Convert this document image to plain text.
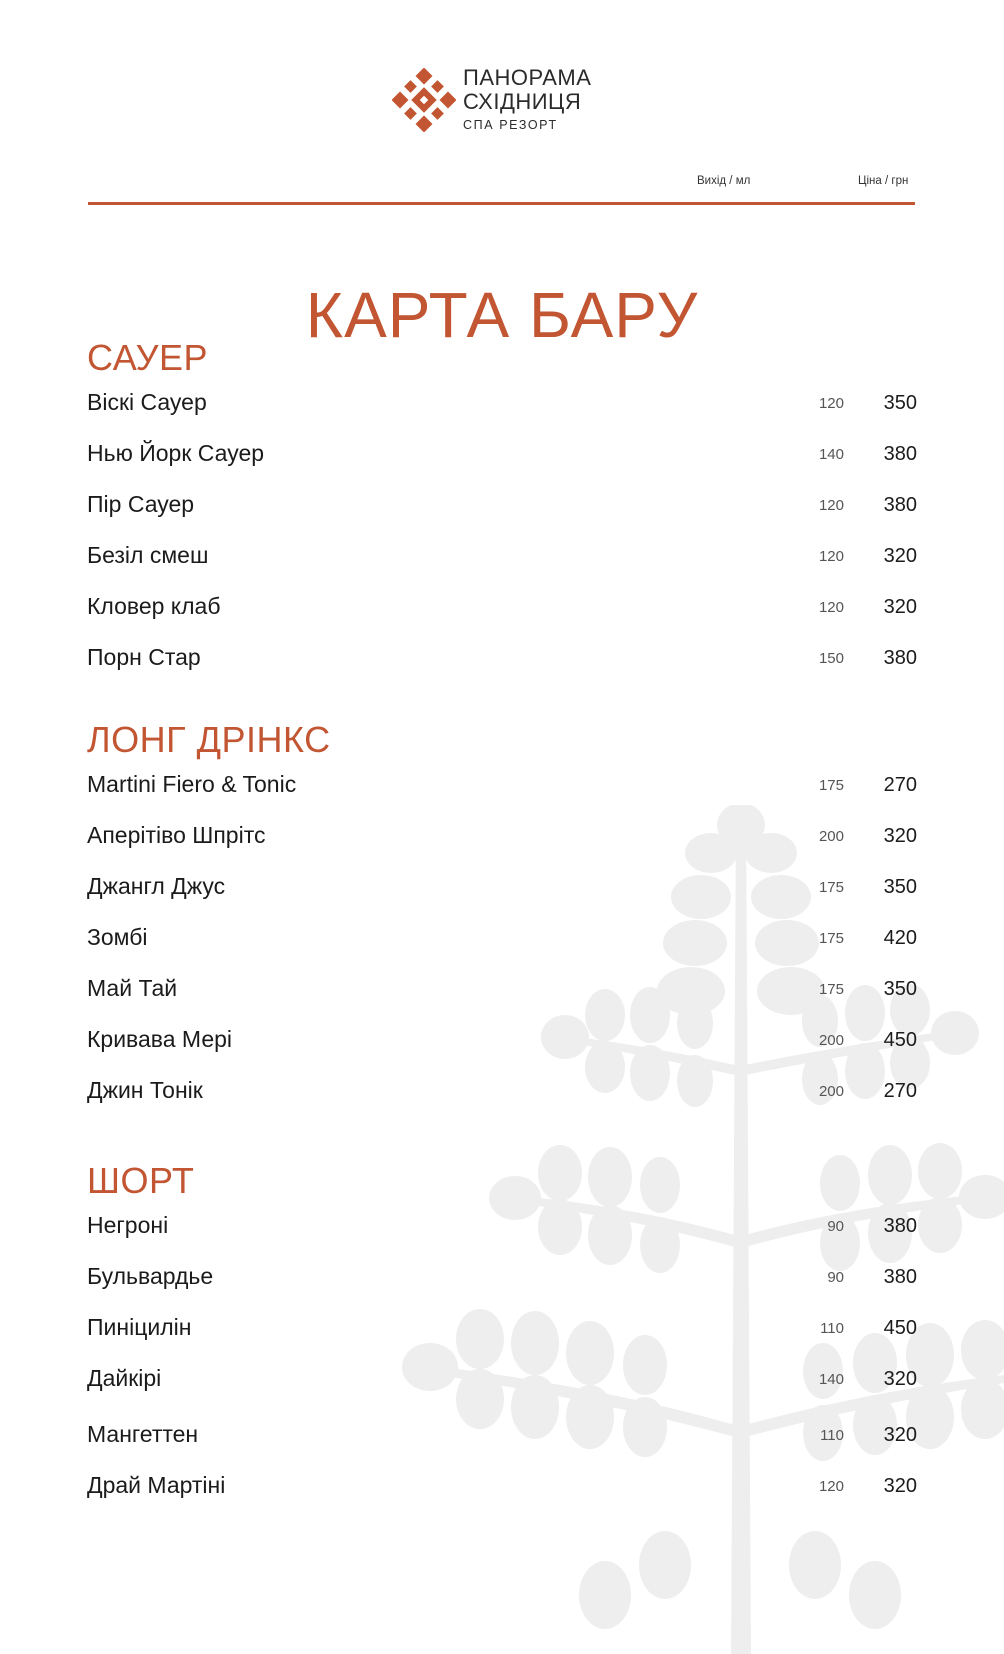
ПАНОРАМА
СХІДНИЦЯ
СПА РЕЗОРТ
Вихід / мл	Ціна / грн
КАРТА БАРУ
САУЕР
Віскі Сауер	120 350
Нью Йорк Сауер	140 380
Пір Сауер	120 380
Безіл смеш	120 320
Кловер клаб	120 320
Порн Стар	150 380
ЛОНГ ДРІНКС
Martini Fiero & Tonic	175 270
Аперітіво Шпрітс	200 320
Джангл Джус	175 350
Зомбі	175 420
Май Тай	175 350
Кривава Мері	200 450
Джин Тонік	200 270
ШОРТ
Негроні	90 380
Бульвардье	90 380
Пиніцилін	110 450
Дайкірі	140 320
Мангеттен	110 320
Драй Мартіні	120 320
